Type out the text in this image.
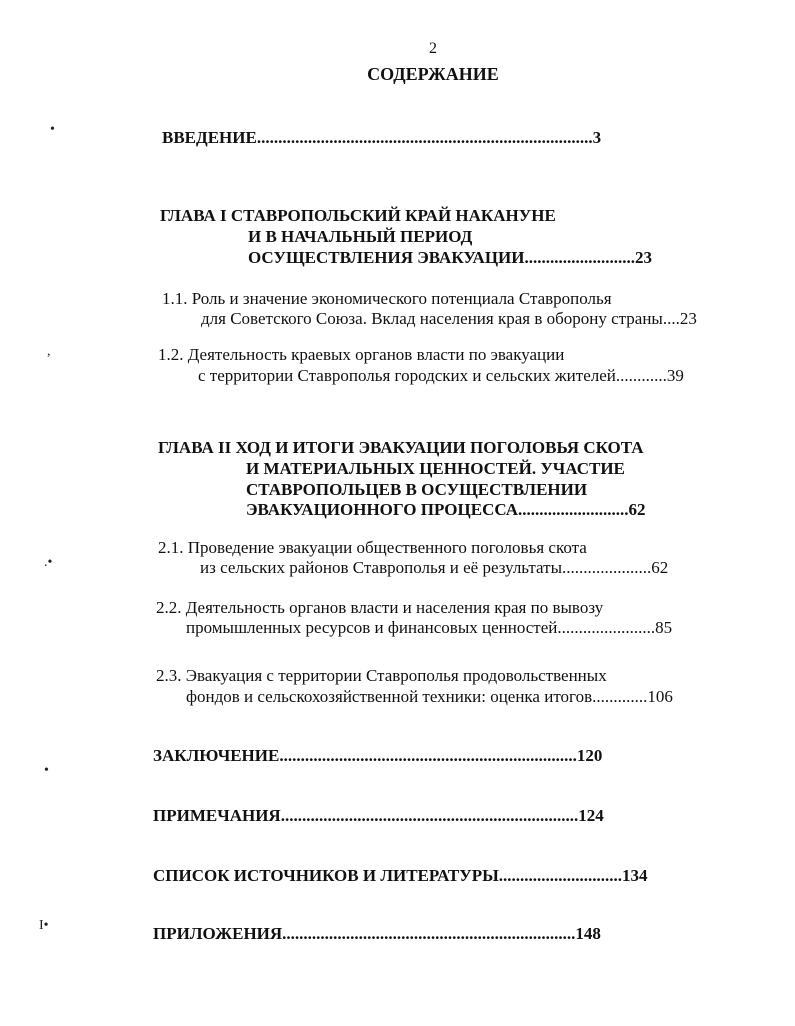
2
СОДЕРЖАНИЕ
ВВЕДЕНИЕ...............................................................................3
ГЛАВА I СТАВРОПОЛЬСКИЙ КРАЙ НАКАНУНЕ
И В НАЧАЛЬНЫЙ ПЕРИОД
ОСУЩЕСТВЛЕНИЯ ЭВАКУАЦИИ..........................23
1.1. Роль и значение экономического потенциала Ставрополья
для Советского Союза. Вклад населения края в оборону страны....23
1.2. Деятельность краевых органов власти по эвакуации
с территории Ставрополья городских и сельских жителей............39
ГЛАВА II ХОД И ИТОГИ ЭВАКУАЦИИ ПОГОЛОВЬЯ СКОТА
И МАТЕРИАЛЬНЫХ ЦЕННОСТЕЙ. УЧАСТИЕ
СТАВРОПОЛЬЦЕВ В ОСУЩЕСТВЛЕНИИ
ЭВАКУАЦИОННОГО ПРОЦЕССА..........................62
2.1. Проведение эвакуации общественного поголовья скота
из сельских районов Ставрополья и её результаты.....................62
2.2. Деятельность органов власти и населения края по вывозу
промышленных ресурсов и финансовых ценностей.......................85
2.3. Эвакуация с территории Ставрополья продовольственных
фондов и сельскохозяйственной техники: оценка итогов.............106
ЗАКЛЮЧЕНИЕ......................................................................120
ПРИМЕЧАНИЯ......................................................................124
СПИСОК ИСТОЧНИКОВ И ЛИТЕРАТУРЫ.............................134
ПРИЛОЖЕНИЯ.....................................................................148
•
,
.•
•
I•
